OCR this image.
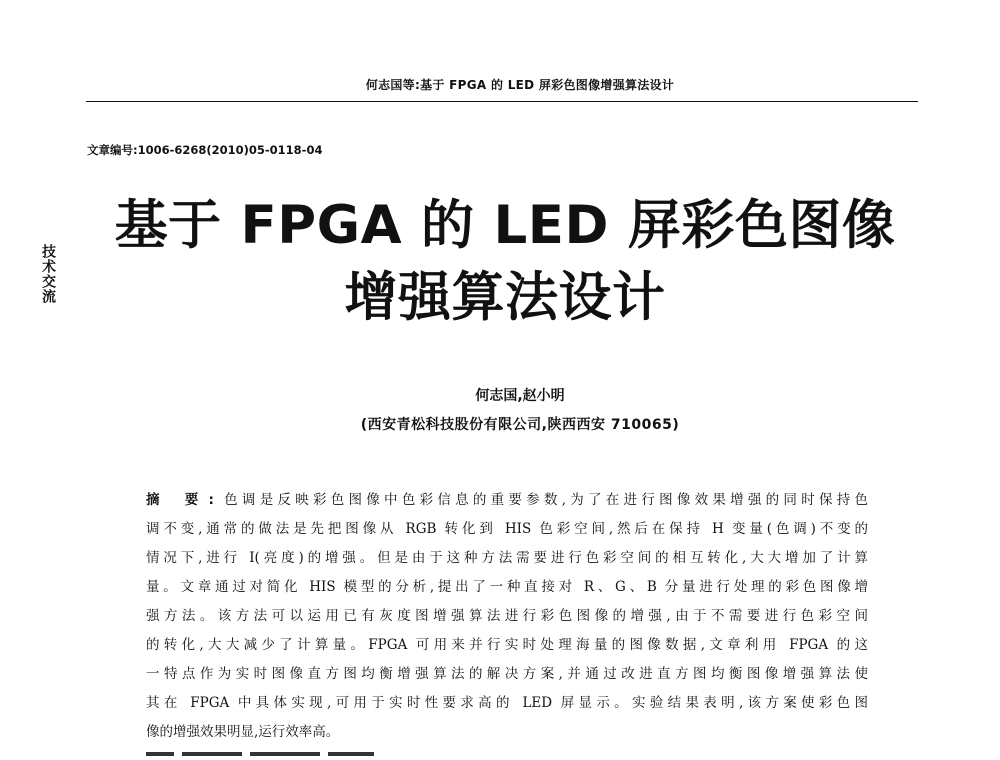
何志国等:基于 FPGA 的 LED 屏彩色图像增强算法设计
文章编号:1006-6268(2010)05-0118-04
技术交流
基于 FPGA 的 LED 屏彩色图像
增强算法设计
何志国,赵小明
(西安青松科技股份有限公司,陕西西安 710065)
摘 要:色调是反映彩色图像中色彩信息的重要参数,为了在进行图像效果增强的同时保持色
调不变,通常的做法是先把图像从 RGB 转化到 HIS 色彩空间,然后在保持 H 变量(色调)不变的
情况下,进行 I(亮度)的增强。但是由于这种方法需要进行色彩空间的相互转化,大大增加了计算
量。文章通过对简化 HIS 模型的分析,提出了一种直接对 R、G、B 分量进行处理的彩色图像增
强方法。该方法可以运用已有灰度图增强算法进行彩色图像的增强,由于不需要进行色彩空间
的转化,大大减少了计算量。FPGA 可用来并行实时处理海量的图像数据,文章利用 FPGA 的这
一特点作为实时图像直方图均衡增强算法的解决方案,并通过改进直方图均衡图像增强算法使
其在 FPGA 中具体实现,可用于实时性要求高的 LED 屏显示。实验结果表明,该方案使彩色图
像的增强效果明显,运行效率高。
